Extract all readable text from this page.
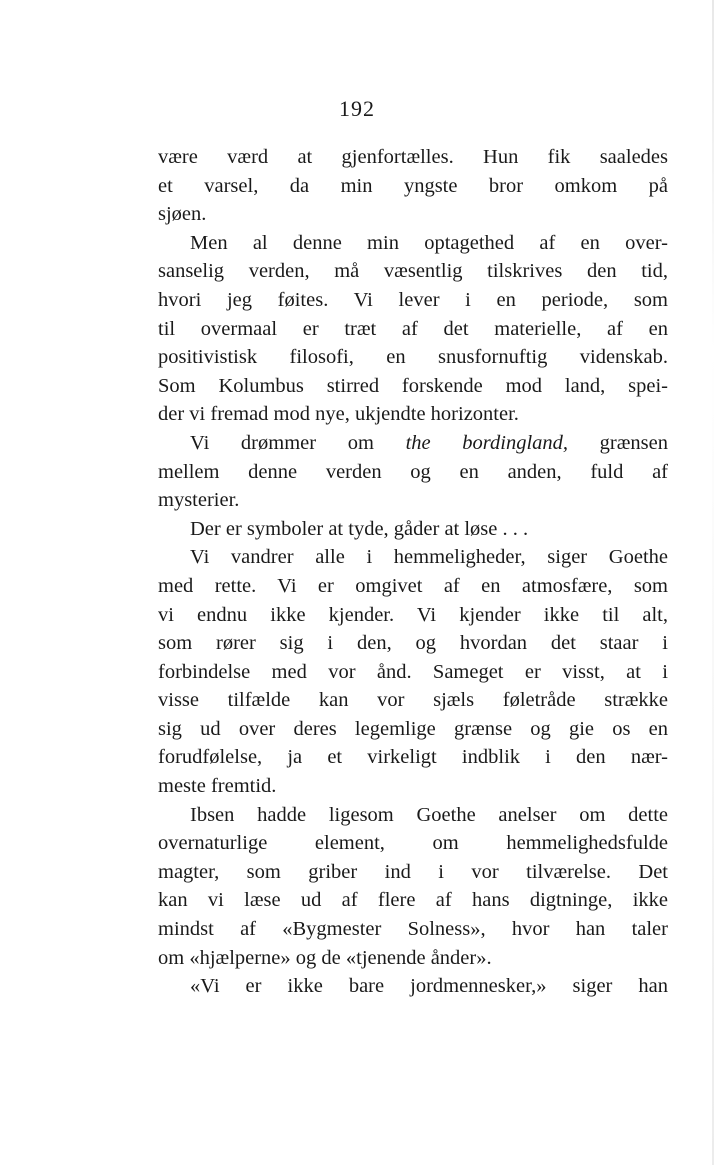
192
være værd at gjenfortælles. Hun fik saaledes
et varsel, da min yngste bror omkom på
sjøen.
Men al denne min optagethed af en over-
sanselig verden, må væsentlig tilskrives den tid,
hvori jeg føites. Vi lever i en periode, som
til overmaal er træt af det materielle, af en
positivistisk filosofi, en snusfornuftig videnskab.
Som Kolumbus stirred forskende mod land, spei-
der vi fremad mod nye, ukjendte horizonter.
Vi drømmer om the bordingland, grænsen
mellem denne verden og en anden, fuld af
mysterier.
Der er symboler at tyde, gåder at løse . . .
Vi vandrer alle i hemmeligheder, siger Goethe
med rette. Vi er omgivet af en atmosfære, som
vi endnu ikke kjender. Vi kjender ikke til alt,
som rører sig i den, og hvordan det staar i
forbindelse med vor ånd. Sameget er visst, at i
visse tilfælde kan vor sjæls føletråde strække
sig ud over deres legemlige grænse og gie os en
forudfølelse, ja et virkeligt indblik i den nær-
meste fremtid.
Ibsen hadde ligesom Goethe anelser om dette
overnaturlige element, om hemmelighedsfulde
magter, som griber ind i vor tilværelse. Det
kan vi læse ud af flere af hans digtninge, ikke
mindst af «Bygmester Solness», hvor han taler
om «hjælperne» og de «tjenende ånder».
«Vi er ikke bare jordmennesker,» siger han
